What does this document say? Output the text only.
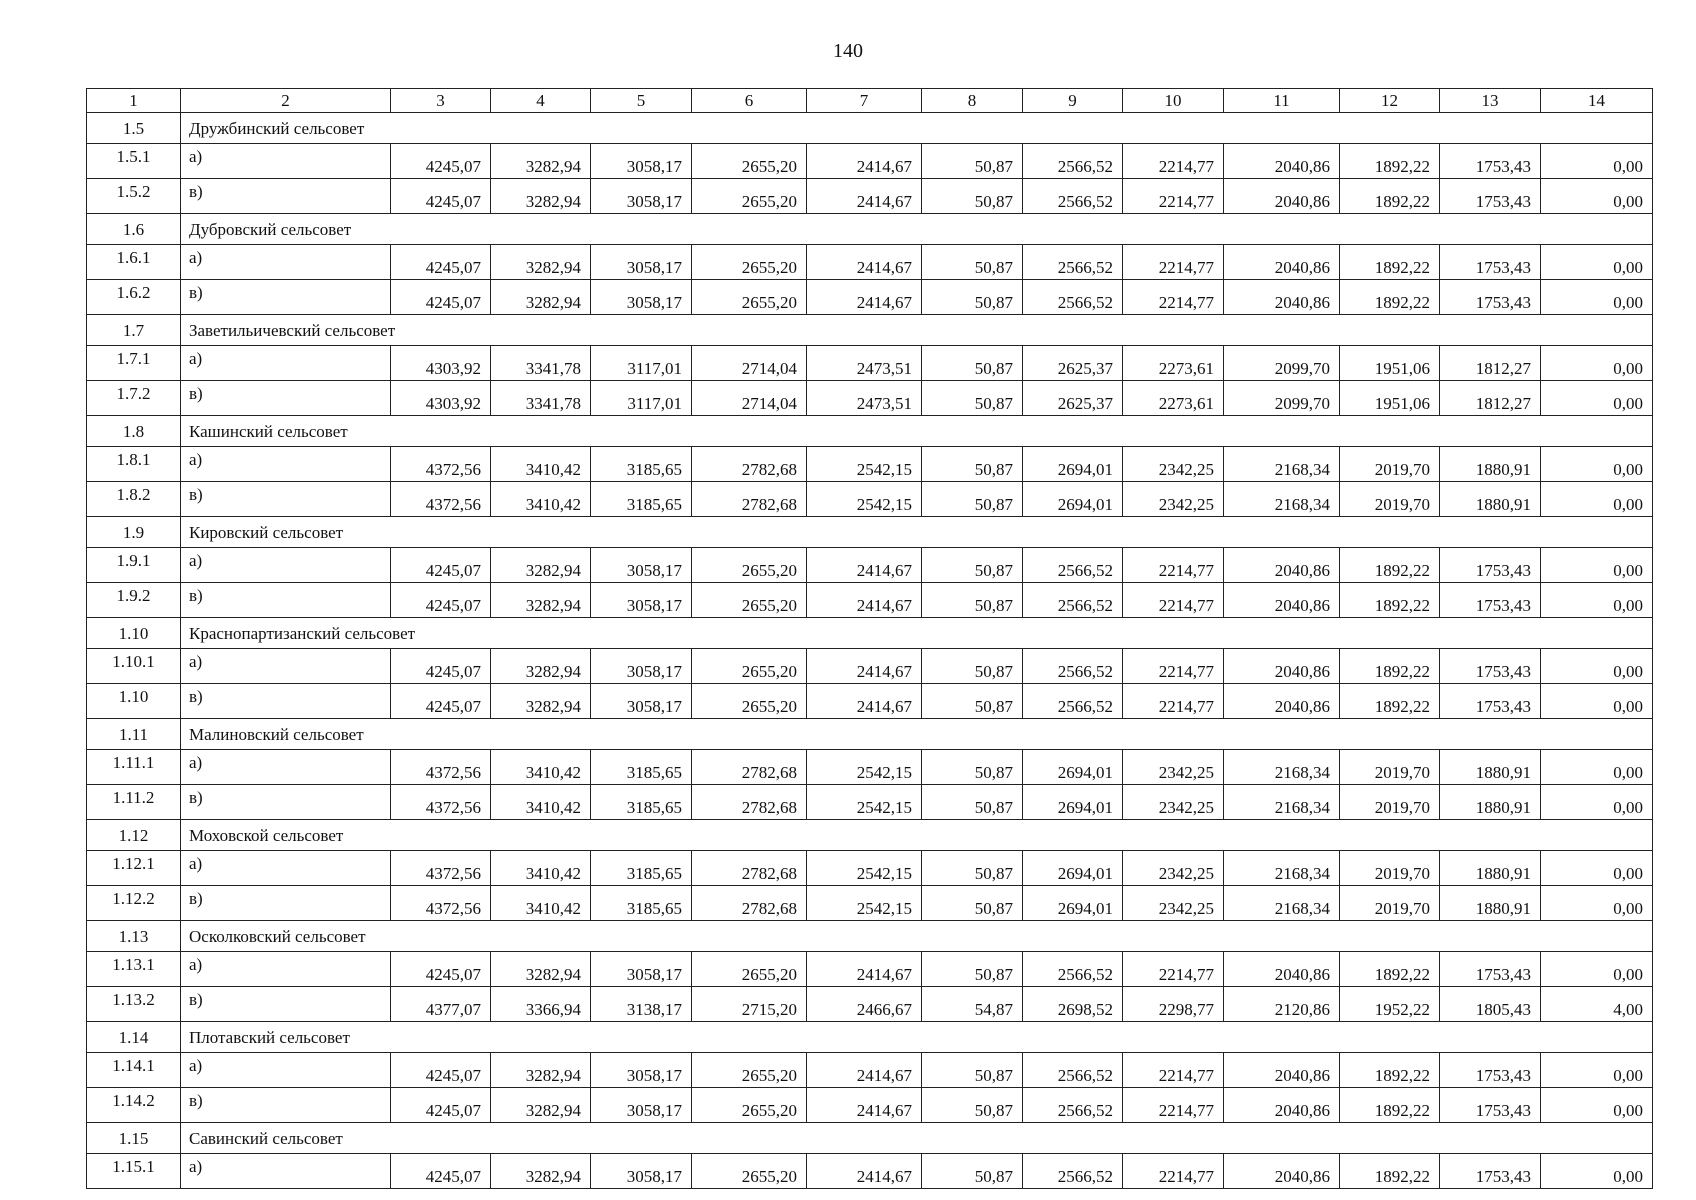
140
1	2	3	4	5	6	7	8	9	10	11	12	13	14
1.5	Дружбинский сельсовет												
1.5.1	а)	4245,07	3282,94	3058,17	2655,20	2414,67	50,87	2566,52	2214,77	2040,86	1892,22	1753,43	0,00
1.5.2	в)	4245,07	3282,94	3058,17	2655,20	2414,67	50,87	2566,52	2214,77	2040,86	1892,22	1753,43	0,00
1.6	Дубровский сельсовет												
1.6.1	а)	4245,07	3282,94	3058,17	2655,20	2414,67	50,87	2566,52	2214,77	2040,86	1892,22	1753,43	0,00
1.6.2	в)	4245,07	3282,94	3058,17	2655,20	2414,67	50,87	2566,52	2214,77	2040,86	1892,22	1753,43	0,00
1.7	Заветильичевский сельсовет												
1.7.1	а)	4303,92	3341,78	3117,01	2714,04	2473,51	50,87	2625,37	2273,61	2099,70	1951,06	1812,27	0,00
1.7.2	в)	4303,92	3341,78	3117,01	2714,04	2473,51	50,87	2625,37	2273,61	2099,70	1951,06	1812,27	0,00
1.8	Кашинский сельсовет												
1.8.1	а)	4372,56	3410,42	3185,65	2782,68	2542,15	50,87	2694,01	2342,25	2168,34	2019,70	1880,91	0,00
1.8.2	в)	4372,56	3410,42	3185,65	2782,68	2542,15	50,87	2694,01	2342,25	2168,34	2019,70	1880,91	0,00
1.9	Кировский сельсовет												
1.9.1	а)	4245,07	3282,94	3058,17	2655,20	2414,67	50,87	2566,52	2214,77	2040,86	1892,22	1753,43	0,00
1.9.2	в)	4245,07	3282,94	3058,17	2655,20	2414,67	50,87	2566,52	2214,77	2040,86	1892,22	1753,43	0,00
1.10	Краснопартизанский сельсовет												
1.10.1	а)	4245,07	3282,94	3058,17	2655,20	2414,67	50,87	2566,52	2214,77	2040,86	1892,22	1753,43	0,00
1.10	в)	4245,07	3282,94	3058,17	2655,20	2414,67	50,87	2566,52	2214,77	2040,86	1892,22	1753,43	0,00
1.11	Малиновский сельсовет												
1.11.1	а)	4372,56	3410,42	3185,65	2782,68	2542,15	50,87	2694,01	2342,25	2168,34	2019,70	1880,91	0,00
1.11.2	в)	4372,56	3410,42	3185,65	2782,68	2542,15	50,87	2694,01	2342,25	2168,34	2019,70	1880,91	0,00
1.12	Моховской сельсовет												
1.12.1	а)	4372,56	3410,42	3185,65	2782,68	2542,15	50,87	2694,01	2342,25	2168,34	2019,70	1880,91	0,00
1.12.2	в)	4372,56	3410,42	3185,65	2782,68	2542,15	50,87	2694,01	2342,25	2168,34	2019,70	1880,91	0,00
1.13	Осколковский сельсовет												
1.13.1	а)	4245,07	3282,94	3058,17	2655,20	2414,67	50,87	2566,52	2214,77	2040,86	1892,22	1753,43	0,00
1.13.2	в)	4377,07	3366,94	3138,17	2715,20	2466,67	54,87	2698,52	2298,77	2120,86	1952,22	1805,43	4,00
1.14	Плотавский сельсовет												
1.14.1	а)	4245,07	3282,94	3058,17	2655,20	2414,67	50,87	2566,52	2214,77	2040,86	1892,22	1753,43	0,00
1.14.2	в)	4245,07	3282,94	3058,17	2655,20	2414,67	50,87	2566,52	2214,77	2040,86	1892,22	1753,43	0,00
1.15	Савинский сельсовет												
1.15.1	а)	4245,07	3282,94	3058,17	2655,20	2414,67	50,87	2566,52	2214,77	2040,86	1892,22	1753,43	0,00
